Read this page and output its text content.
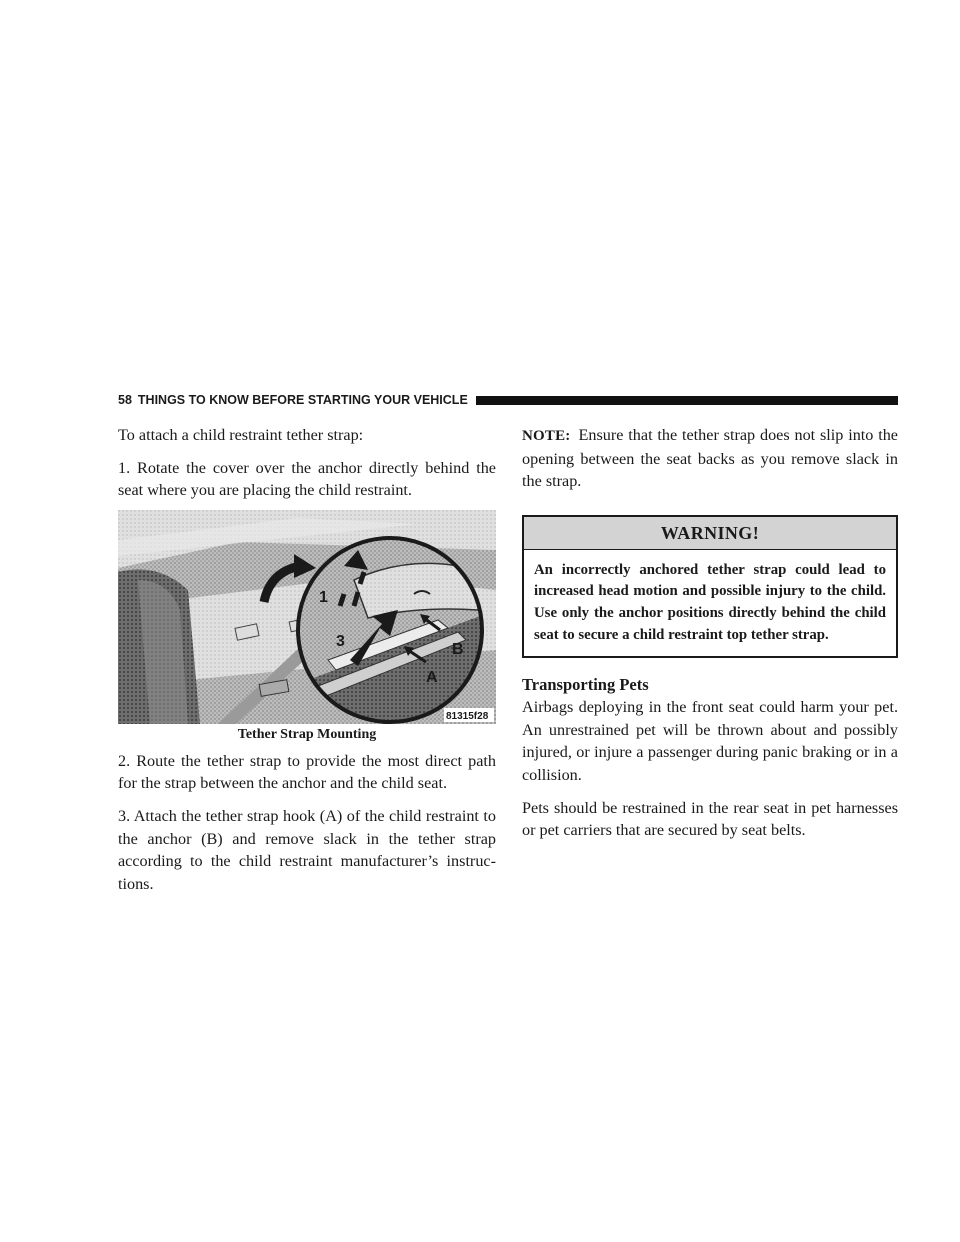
58 THINGS TO KNOW BEFORE STARTING YOUR VEHICLE

To attach a child restraint tether strap:

1. Rotate the cover over the anchor directly behind the seat where you are placing the child restraint.

1
3
A
B
81315f28
Tether Strap Mounting

2. Route the tether strap to provide the most direct path for the strap between the anchor and the child seat.

3. Attach the tether strap hook (A) of the child restraint to the anchor (B) and remove slack in the tether strap according to the child restraint manufacturer’s instruc-tions.

NOTE: Ensure that the tether strap does not slip into the opening between the seat backs as you remove slack in the strap.

WARNING!
An incorrectly anchored tether strap could lead to increased head motion and possible injury to the child. Use only the anchor positions directly behind the child seat to secure a child restraint top tether strap.
Transporting Pets

Airbags deploying in the front seat could harm your pet. An unrestrained pet will be thrown about and possibly injured, or injure a passenger during panic braking or in a collision.

Pets should be restrained in the rear seat in pet harnesses or pet carriers that are secured by seat belts.
